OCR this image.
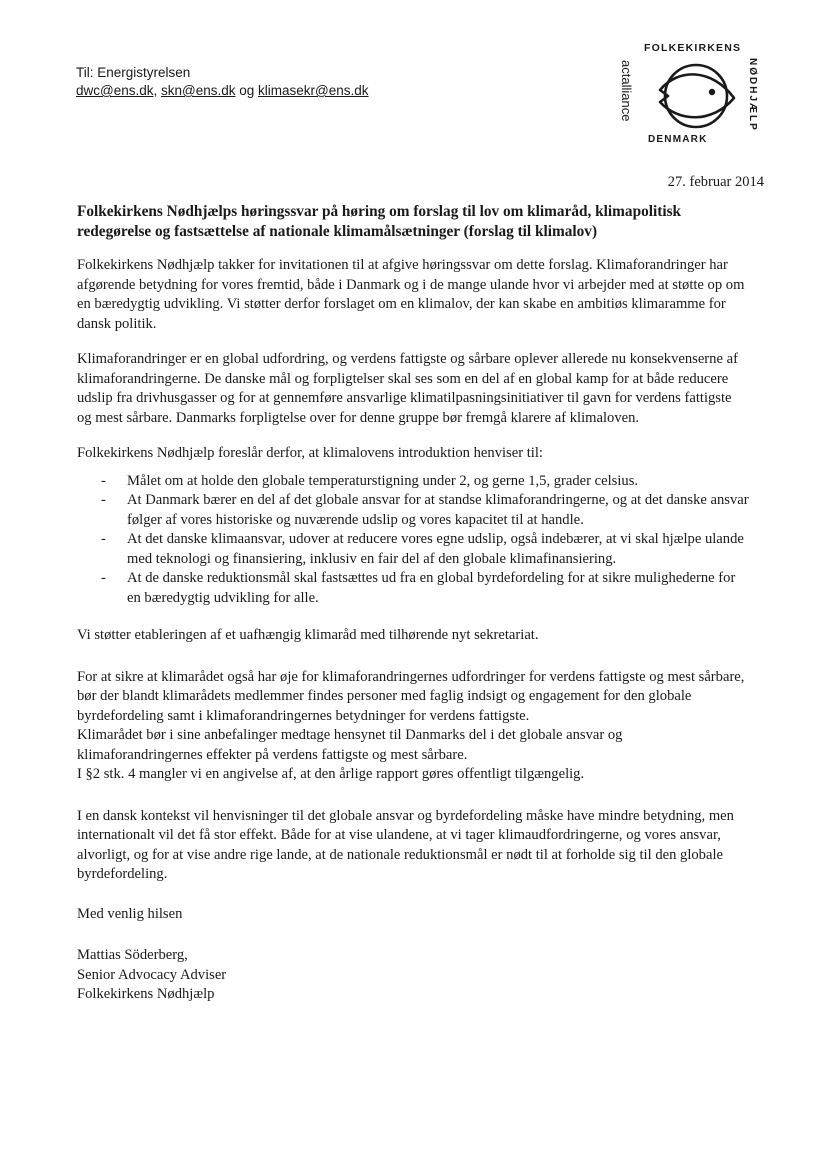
Til: Energistyrelsen
dwc@ens.dk, skn@ens.dk og klimasekr@ens.dk
FOLKEKIRKENS
NØDHJÆLP
actalliance
DENMARK
27. februar 2014
Folkekirkens Nødhjælps høringssvar på høring om forslag til lov om klimaråd, klimapolitisk redegørelse og fastsættelse af nationale klimamålsætninger (forslag til klimalov)

Folkekirkens Nødhjælp takker for invitationen til at afgive høringssvar om dette forslag. Klimaforandringer har afgørende betydning for vores fremtid, både i Danmark og i de mange ulande hvor vi arbejder med at støtte op om en bæredygtig udvikling. Vi støtter derfor forslaget om en klimalov, der kan skabe en ambitiøs klimaramme for dansk politik.

Klimaforandringer er en global udfordring, og verdens fattigste og sårbare oplever allerede nu konsekvenserne af klimaforandringerne. De danske mål og forpligtelser skal ses som en del af en global kamp for at både reducere udslip fra drivhusgasser og for at gennemføre ansvarlige klimatilpasningsinitiativer til gavn for verdens fattigste og mest sårbare. Danmarks forpligtelse over for denne gruppe bør fremgå klarere af klimaloven.

Folkekirkens Nødhjælp foreslår derfor, at klimalovens introduktion henviser til:

- Målet om at holde den globale temperaturstigning under 2, og gerne 1,5, grader celsius.
- At Danmark bærer en del af det globale ansvar for at standse klimaforandringerne, og at det danske ansvar følger af vores historiske og nuværende udslip og vores kapacitet til at handle.
- At det danske klimaansvar, udover at reducere vores egne udslip, også indebærer, at vi skal hjælpe ulande med teknologi og finansiering, inklusiv en fair del af den globale klimafinansiering.
- At de danske reduktionsmål skal fastsættes ud fra en global byrdefordeling for at sikre mulighederne for en bæredygtig udvikling for alle.

Vi støtter etableringen af et uafhængig klimaråd med tilhørende nyt sekretariat.

For at sikre at klimarådet også har øje for klimaforandringernes udfordringer for verdens fattigste og mest sårbare, bør der blandt klimarådets medlemmer findes personer med faglig indsigt og engagement for den globale byrdefordeling samt i klimaforandringernes betydninger for verdens fattigste.
Klimarådet bør i sine anbefalinger medtage hensynet til Danmarks del i det globale ansvar og klimaforandringernes effekter på verdens fattigste og mest sårbare.
I §2 stk. 4 mangler vi en angivelse af, at den årlige rapport gøres offentligt tilgængelig.

I en dansk kontekst vil henvisninger til det globale ansvar og byrdefordeling måske have mindre betydning, men internationalt vil det få stor effekt. Både for at vise ulandene, at vi tager klimaudfordringerne, og vores ansvar, alvorligt, og for at vise andre rige lande, at de nationale reduktionsmål er nødt til at forholde sig til den globale byrdefordeling.

Med venlig hilsen

Mattias Söderberg,
Senior Advocacy Adviser
Folkekirkens Nødhjælp
